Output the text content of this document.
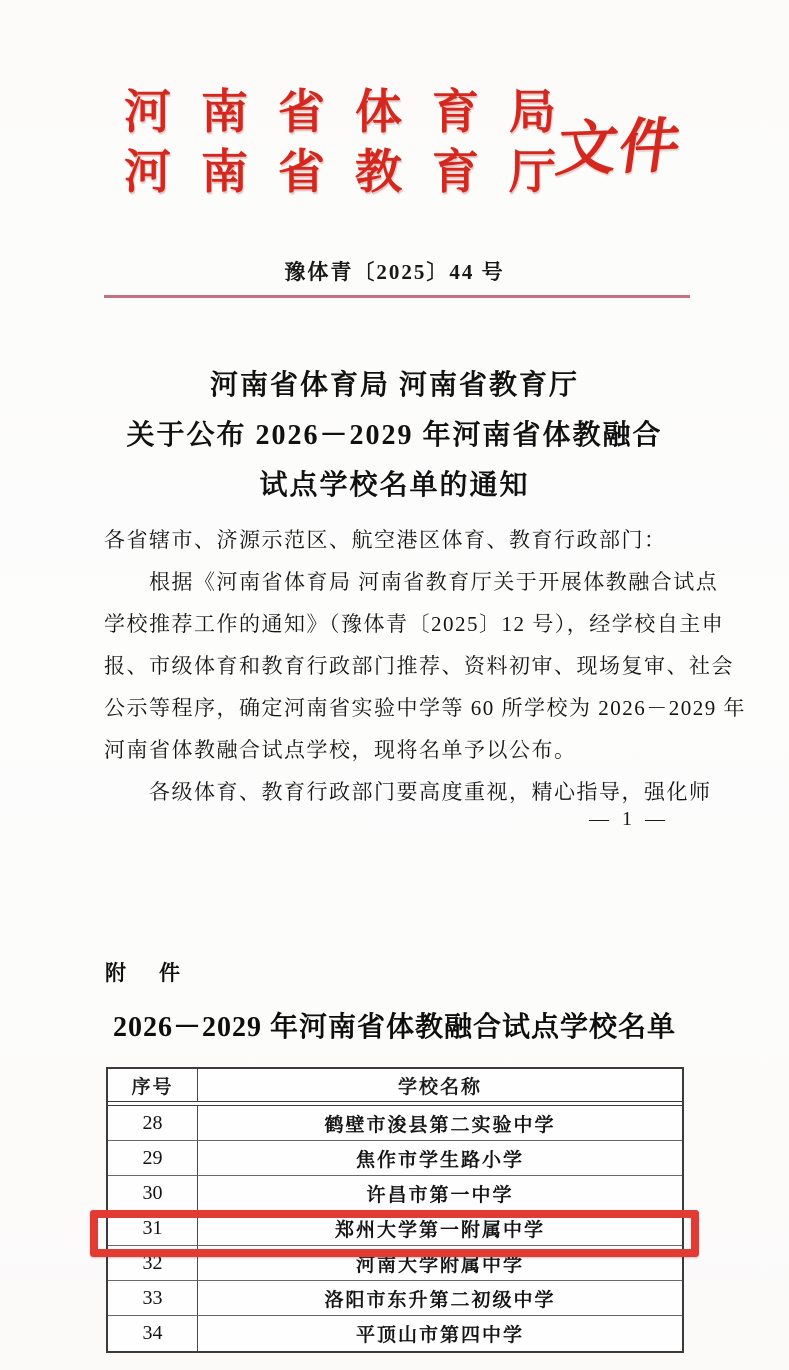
河 南 省 体 育 局
河 南 省 教 育 厅
文件
豫体青〔2025〕44 号
河南省体育局 河南省教育厅
关于公布 2026－2029 年河南省体教融合
试点学校名单的通知
各省辖市、济源示范区、航空港区体育、教育行政部门：
　　根据《河南省体育局 河南省教育厅关于开展体教融合试点
学校推荐工作的通知》（豫体青〔2025〕12 号），经学校自主申
报、市级体育和教育行政部门推荐、资料初审、现场复审、社会
公示等程序，确定河南省实验中学等 60 所学校为 2026－2029 年
河南省体教融合试点学校，现将名单予以公布。
　　各级体育、教育行政部门要高度重视，精心指导，强化师
— 1 —
附　件
2026－2029 年河南省体教融合试点学校名单
序号	学校名称
28	鹤壁市浚县第二实验中学
29	焦作市学生路小学
30	许昌市第一中学
31	郑州大学第一附属中学
32	河南大学附属中学
33	洛阳市东升第二初级中学
34	平顶山市第四中学
